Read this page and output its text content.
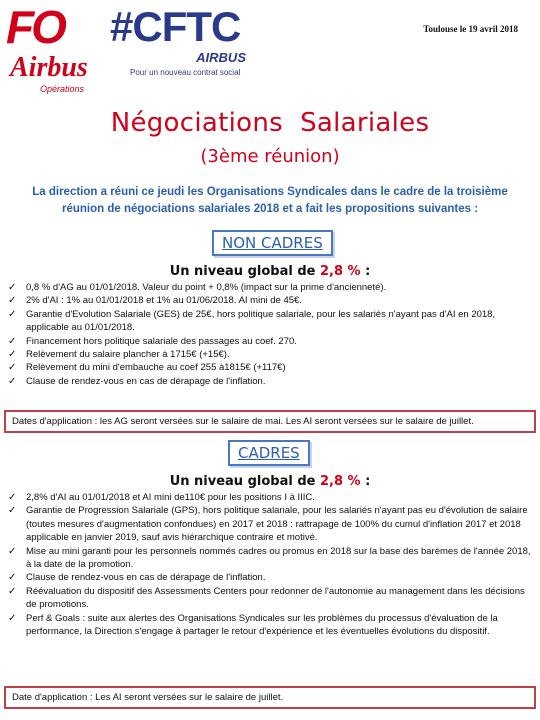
FO
Airbus
Opérations
#CFTC
AIRBUS
Pour un nouveau contrat social
Toulouse le 19 avril 2018
Négociations  Salariales
(3ème réunion)
La direction a réuni ce jeudi les Organisations Syndicales dans le cadre de la troisième réunion de négociations salariales 2018 et a fait les propositions suivantes :
NON CADRES
Un niveau global de 2,8 % :
✓ 0,8 % d'AG au 01/01/2018. Valeur du point + 0,8% (impact sur la prime d'ancienneté).
✓ 2% d'AI : 1% au 01/01/2018 et 1% au 01/06/2018. AI mini de 45€.
✓ Garantie d'Evolution Salariale (GES) de 25€, hors politique salariale, pour les salariés n'ayant pas d'AI en 2018, applicable au 01/01/2018.
✓ Financement hors politique salariale des passages au coef. 270.
✓ Relèvement du salaire plancher à 1715€ (+15€).
✓ Relèvement du mini d'embauche au coef 255 à1815€ (+117€)
✓ Clause de rendez-vous en cas de dérapage de l'inflation.
Dates d'application : les AG seront versées sur le salaire de mai. Les AI seront versées sur le salaire de juillet.
CADRES
Un niveau global de 2,8 % :
✓ 2,8% d'AI au 01/01/2018 et AI mini de110€ pour les positions I à IIIC.
✓ Garantie de Progression Salariale (GPS), hors politique salariale, pour les salariés n'ayant pas eu d'évolution de salaire (toutes mesures d'augmentation confondues) en 2017 et 2018 : rattrapage de 100% du cumul d'inflation 2017 et 2018 applicable en janvier 2019, sauf avis hiérarchique contraire et motivé.
✓ Mise au mini garanti pour les personnels nommés cadres ou promus en 2018 sur la base des barèmes de l'année 2018, à la date de la promotion.
✓ Clause de rendez-vous en cas de dérapage de l'inflation.
✓ Réévaluation du dispositif des Assessments Centers pour redonner de l'autonomie au management dans les décisions de promotions.
✓ Perf & Goals : suite aux alertes des Organisations Syndicales sur les problèmes du processus d'évaluation de la performance, la Direction s'engage à partager le retour d'expérience et les éventuelles évolutions du dispositif.
Date d'application : Les AI seront versées sur le salaire de juillet.
